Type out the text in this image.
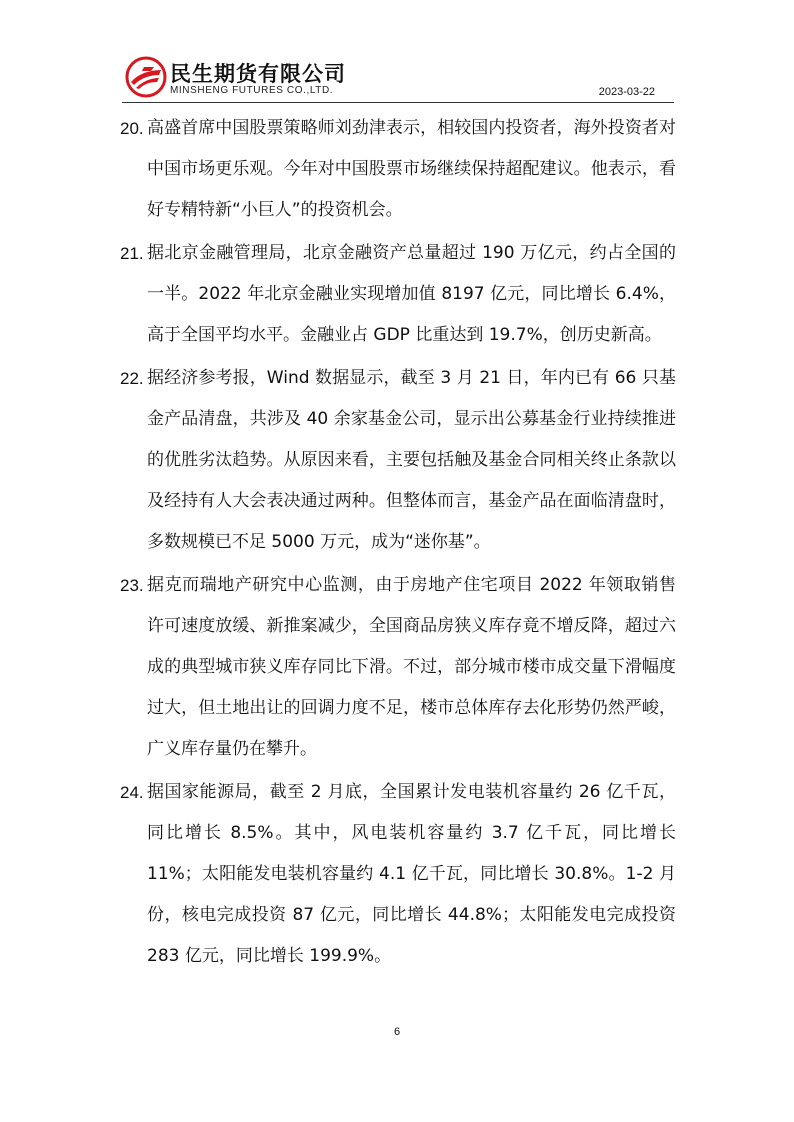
民生期货有限公司
MINSHENG FUTURES CO.,LTD.	2023-03-22
20. 高盛首席中国股票策略师刘劲津表示，相较国内投资者，海外投资者对中国市场更乐观。今年对中国股票市场继续保持超配建议。他表示，看好专精特新“小巨人”的投资机会。
21. 据北京金融管理局，北京金融资产总量超过 190 万亿元，约占全国的一半。2022 年北京金融业实现增加值 8197 亿元，同比增长 6.4%，高于全国平均水平。金融业占 GDP 比重达到 19.7%，创历史新高。
22. 据经济参考报，Wind 数据显示，截至 3 月 21 日，年内已有 66 只基金产品清盘，共涉及 40 余家基金公司，显示出公募基金行业持续推进的优胜劣汰趋势。从原因来看，主要包括触及基金合同相关终止条款以及经持有人大会表决通过两种。但整体而言，基金产品在面临清盘时，多数规模已不足 5000 万元，成为“迷你基”。
23. 据克而瑞地产研究中心监测，由于房地产住宅项目 2022 年领取销售许可速度放缓、新推案减少，全国商品房狭义库存竟不增反降，超过六成的典型城市狭义库存同比下滑。不过，部分城市楼市成交量下滑幅度过大，但土地出让的回调力度不足，楼市总体库存去化形势仍然严峻，广义库存量仍在攀升。
24. 据国家能源局，截至 2 月底，全国累计发电装机容量约 26 亿千瓦，同比增长 8.5%。其中，风电装机容量约 3.7 亿千瓦，同比增长 11%；太阳能发电装机容量约 4.1 亿千瓦，同比增长 30.8%。1-2 月份，核电完成投资 87 亿元，同比增长 44.8%；太阳能发电完成投资 283 亿元，同比增长 199.9%。
6
